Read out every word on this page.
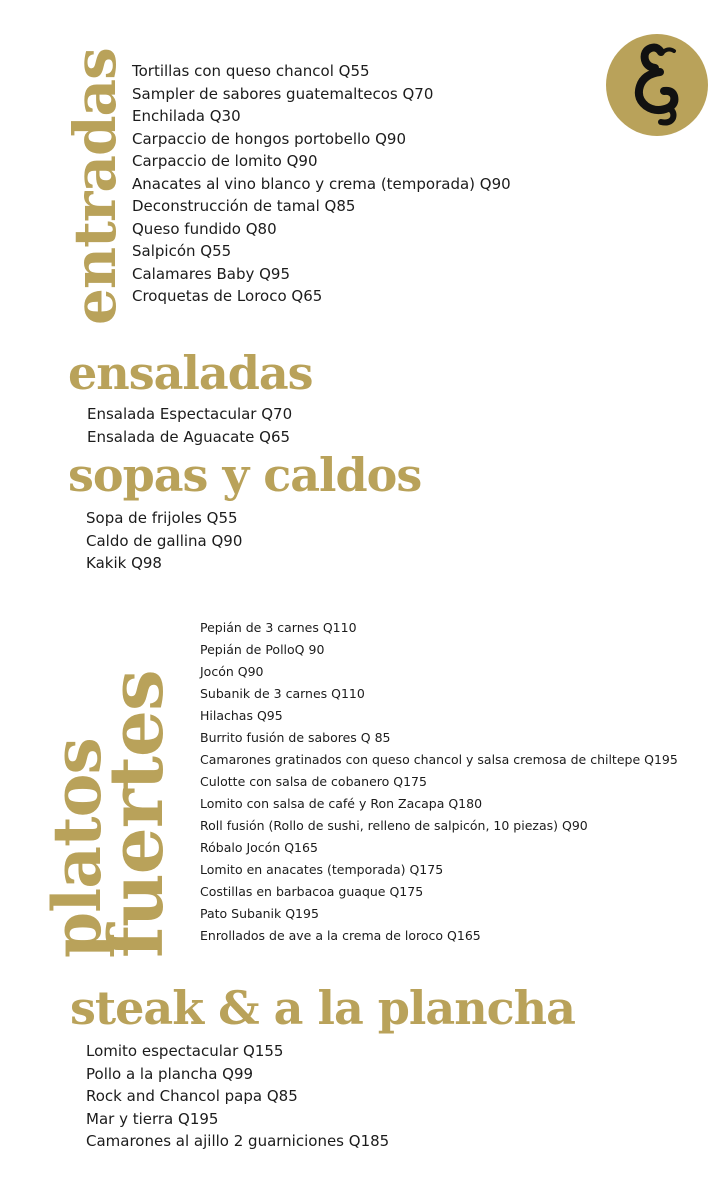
entradas Tortillas con queso chancol Q55
Sampler de sabores guatemaltecos Q70
Enchilada Q30
Carpaccio de hongos portobello Q90
Carpaccio de lomito Q90
Anacates al vino blanco y crema (temporada) Q90
Deconstrucción de tamal Q85
Queso fundido Q80
Salpicón Q55
Calamares Baby Q95
Croquetas de Loroco Q65
ensaladas
Ensalada Espectacular Q70
Ensalada de Aguacate Q65
sopas y caldos
Sopa de frijoles Q55
Caldo de gallina Q90
Kakik Q98
platos
fuertes
Pepián de 3 carnes Q110
Pepián de PolloQ 90
Jocón Q90
Subanik de 3 carnes Q110
Hilachas Q95
Burrito fusión de sabores Q 85
Camarones gratinados con queso chancol y salsa cremosa de chiltepe Q195
Culotte con salsa de cobanero Q175
Lomito con salsa de café y Ron Zacapa Q180
Roll fusión (Rollo de sushi, relleno de salpicón, 10 piezas) Q90
Róbalo Jocón Q165
Lomito en anacates (temporada) Q175
Costillas en barbacoa guaque Q175
Pato Subanik Q195
Enrollados de ave a la crema de loroco Q165
steak & a la plancha
Lomito espectacular Q155
Pollo a la plancha Q99
Rock and Chancol papa Q85
Mar y tierra Q195
Camarones al ajillo 2 guarniciones Q185
